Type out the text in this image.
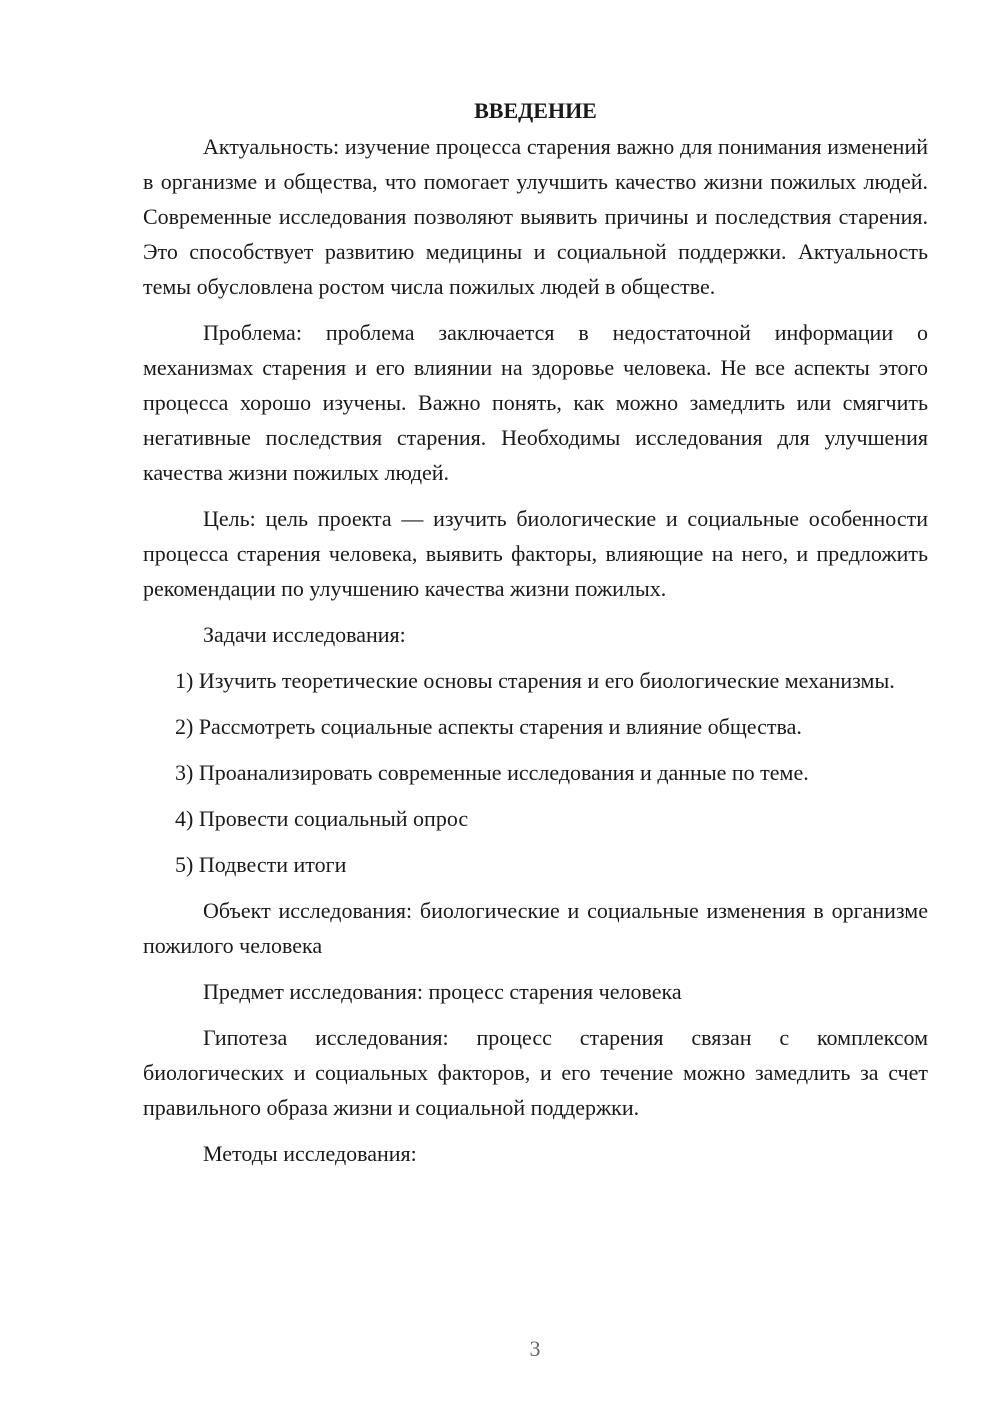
ВВЕДЕНИЕ

Актуальность: изучение процесса старения важно для понимания изменений в организме и общества, что помогает улучшить качество жизни пожилых людей. Современные исследования позволяют выявить причины и последствия старения. Это способствует развитию медицины и социальной поддержки. Актуальность темы обусловлена ростом числа пожилых людей в обществе.

Проблема: проблема заключается в недостаточной информации о механизмах старения и его влиянии на здоровье человека. Не все аспекты этого процесса хорошо изучены. Важно понять, как можно замедлить или смягчить негативные последствия старения. Необходимы исследования для улучшения качества жизни пожилых людей.

Цель: цель проекта — изучить биологические и социальные особенности процесса старения человека, выявить факторы, влияющие на него, и предложить рекомендации по улучшению качества жизни пожилых.

Задачи исследования:

1) Изучить теоретические основы старения и его биологические механизмы.

2) Рассмотреть социальные аспекты старения и влияние общества.

3) Проанализировать современные исследования и данные по теме.

4) Провести социальный опрос

5) Подвести итоги

Объект исследования: биологические и социальные изменения в организме пожилого человека

Предмет исследования: процесс старения человека

Гипотеза исследования: процесс старения связан с комплексом биологических и социальных факторов, и его течение можно замедлить за счет правильного образа жизни и социальной поддержки.

Методы исследования:

3
